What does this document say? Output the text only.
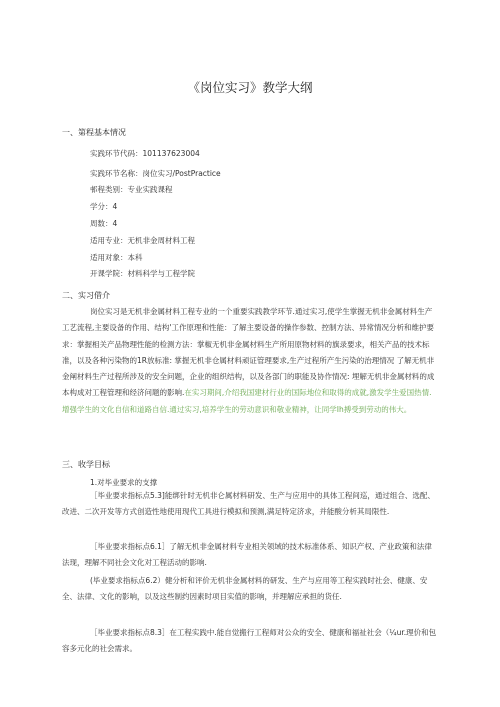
《岗位实习》教学大纲
一、第程基本情况
实践环节代码：101137623004
实践环节名称：岗位实习/PostPractice
邨程类别：专业实践课程
学分：4
周数：4
适用专业：无机非金周材料工程
适用对象：本科
开课学院：材料科学与工程学院
二、实习借介
岗位实习是无机非金属材料工程专业的一个重要实践教学环节.通过实习,使学生掌握无机非金属材料生产工艺流程,主要设备的作用、结构'工作原理和性能：了解主要设备的操作参数、控制方法、异常情况分析和维护要求：掌握相关产品物理性能的检测方法：掌椒无机非金属材料生产所用原物材料的旗录要求，相关产品的技术标准，以及各种污染物的1R放标准: 掌握无机非仓属材料顽证管理要求,生产过程所产生污染的治理情况 了解无机非金阐材料生产过程所涉及的安全问题，企业的组织结构，以及各部门的职能及协作情况: 埋解无机非金属材料的成本构成对工程管理和经济问题的影响.在实习期间,介绍我国建材行业的国际地位和取得的成就,激发学生爱国热情.增强学生的文化自信和道路自信.通过实习,培养学生的劳动意识和敬业精神，让同学Ih搏受到劳动的伟大。
三、收学目标
1.对毕业要求的支撑
［毕业要求指标点5.3]能绑针时无机非仑属材料研发、生产与应用中的具体工程间巡，通过组合、选配、改进、二次开发等方式创造性地使用现代工具进行模拟和预测,满足特定济求，并能酸分析其局限性.
［毕业要求指标点6.1］了解无机非金属材料专业相关领域的技术标准体系、知识产权、产业政策和法律法现，理解不同社会文化对工程活动的影响.
(毕业要求指标点6.2）健分析和评价无机非金属材料的研发、生产与应用等工程实践时社会、健康、安全、法律、文化的影响，以及这些制约因素时项目实值的影响，并理解应承担的货任.
［毕业要求指标点8.3］在工程实践中.能自觉搬行工程师对公众的安全、健康和福祉社会（¼ur.理价和包容多元化的社会需求。
